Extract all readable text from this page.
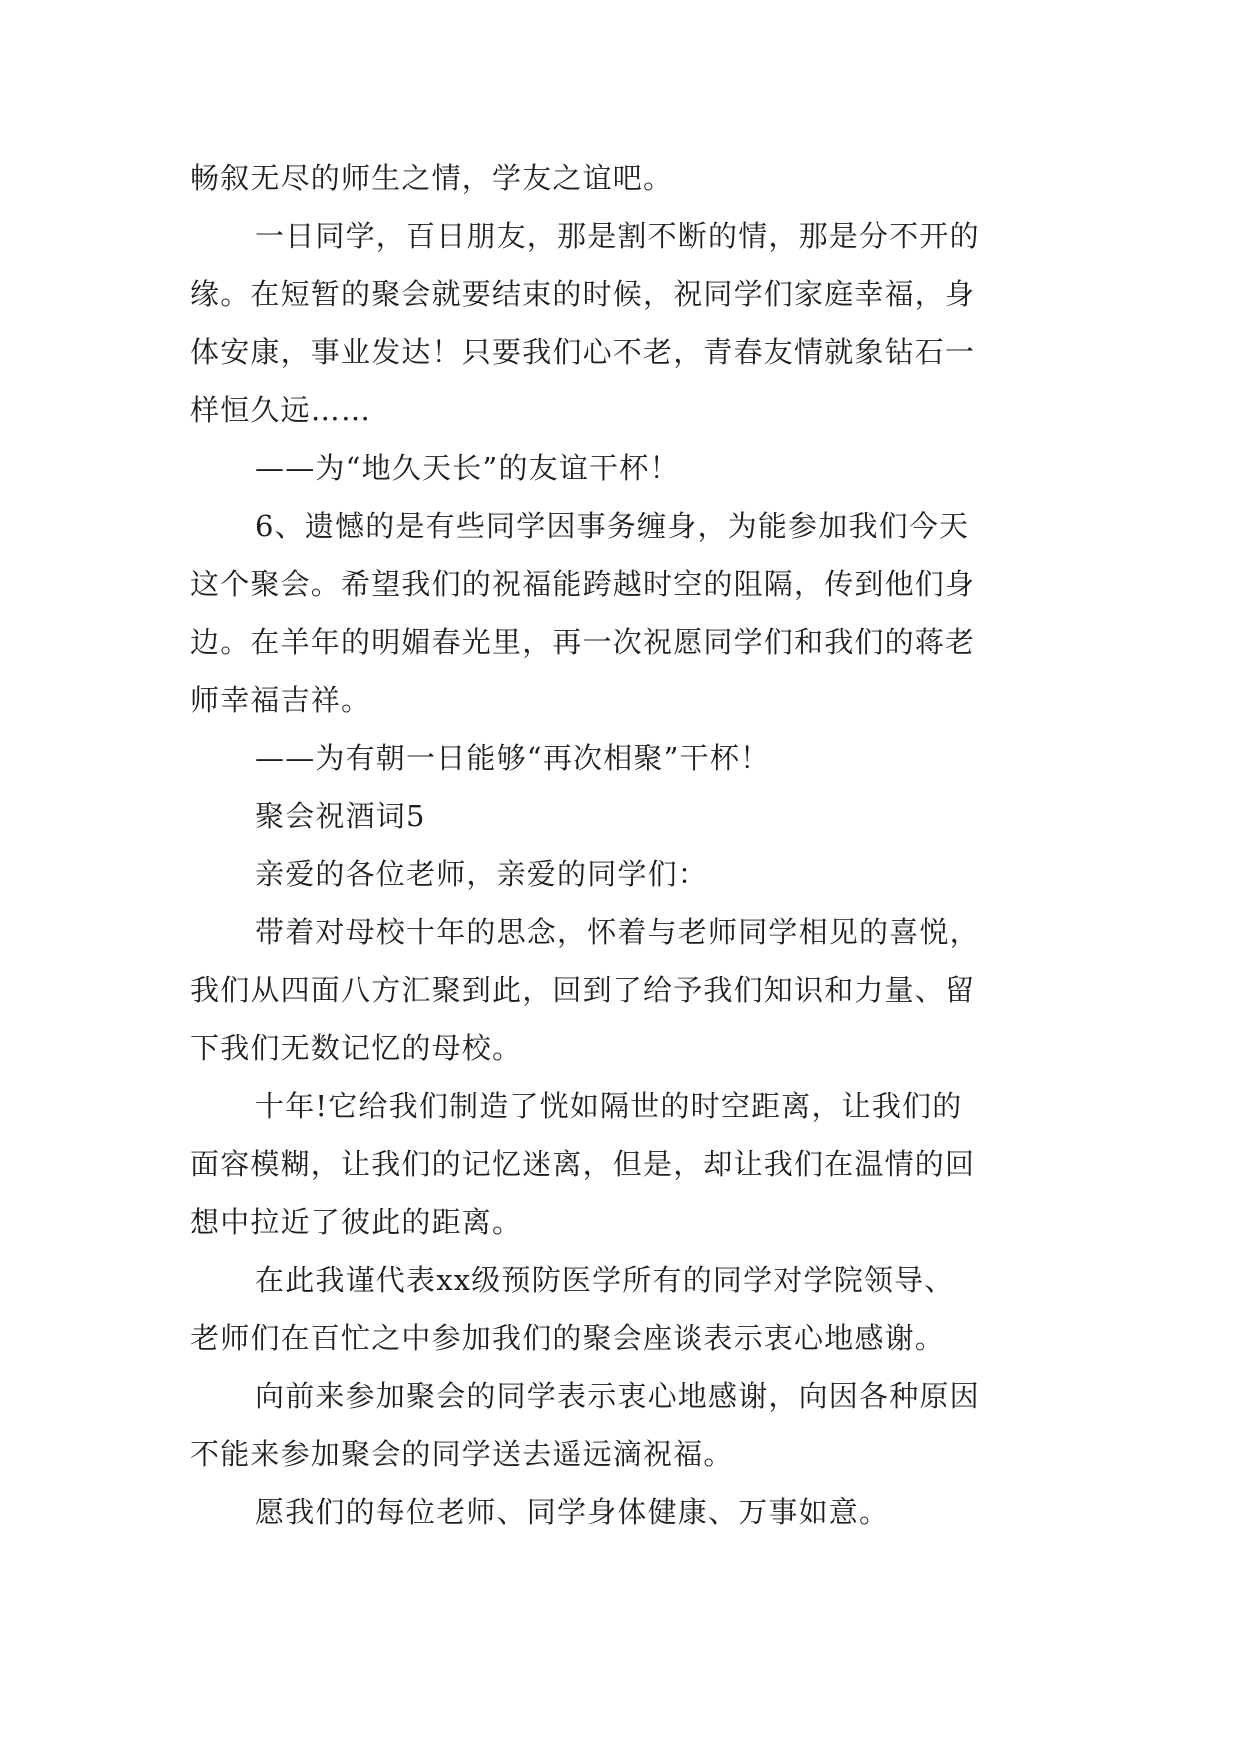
畅叙无尽的师生之情，学友之谊吧。

一日同学，百日朋友，那是割不断的情，那是分不开的

缘。在短暂的聚会就要结束的时候，祝同学们家庭幸福，身

体安康，事业发达！只要我们心不老，青春友情就象钻石一

样恒久远……

——为“地久天长”的友谊干杯！

6、遗憾的是有些同学因事务缠身，为能参加我们今天

这个聚会。希望我们的祝福能跨越时空的阻隔，传到他们身

边。在羊年的明媚春光里，再一次祝愿同学们和我们的蒋老

师幸福吉祥。

——为有朝一日能够“再次相聚”干杯！

聚会祝酒词5

亲爱的各位老师，亲爱的同学们：

带着对母校十年的思念，怀着与老师同学相见的喜悦，

我们从四面八方汇聚到此，回到了给予我们知识和力量、留

下我们无数记忆的母校。

十年!它给我们制造了恍如隔世的时空距离，让我们的

面容模糊，让我们的记忆迷离，但是，却让我们在温情的回

想中拉近了彼此的距离。

在此我谨代表xx级预防医学所有的同学对学院领导、

老师们在百忙之中参加我们的聚会座谈表示衷心地感谢。

向前来参加聚会的同学表示衷心地感谢，向因各种原因

不能来参加聚会的同学送去遥远滴祝福。

愿我们的每位老师、同学身体健康、万事如意。
